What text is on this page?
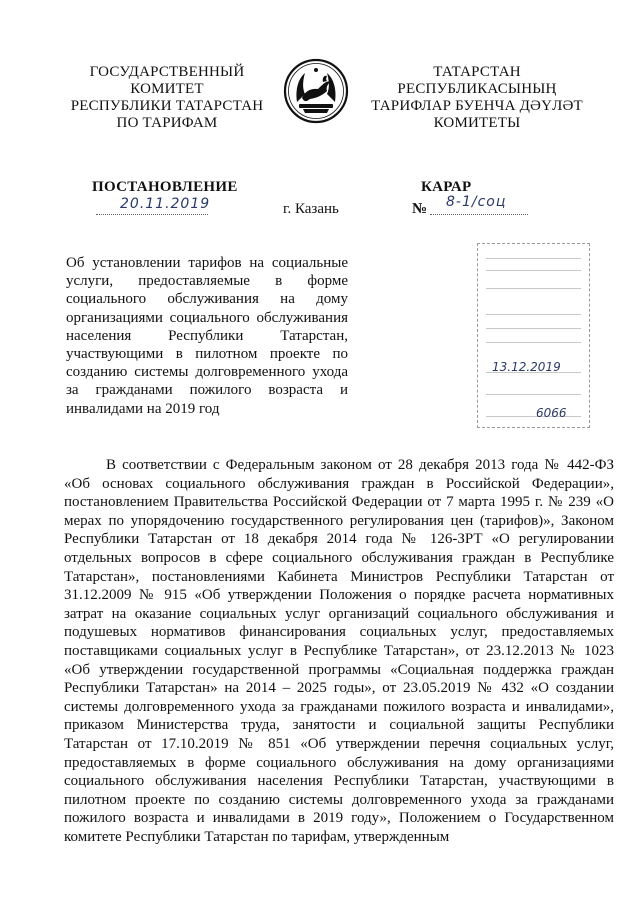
ГОСУДАРСТВЕННЫЙ
КОМИТЕТ
РЕСПУБЛИКИ ТАТАРСТАН
ПО ТАРИФАМ
ТАТАРСТАН
РЕСПУБЛИКАСЫНЫҢ
ТАРИФЛАР БУЕНЧА ДӘҮЛӘТ
КОМИТЕТЫ
ПОСТАНОВЛЕНИЕ	КАРАР
20.11.2019	г. Казань	№ 8-1/соц
Об установлении тарифов на социальные услуги, предоставляемые в форме социального обслуживания на дому организациями социального обслуживания населения Республики Татарстан, участвующими в пилотном проекте по созданию системы долговременного ухода за гражданами пожилого возраста и инвалидами на 2019 год
13.12.2019
6066

В соответствии с Федеральным законом от 28 декабря 2013 года № 442-ФЗ «Об основах социального обслуживания граждан в Российской Федерации», постановлением Правительства Российской Федерации от 7 марта 1995 г. № 239 «О мерах по упорядочению государственного регулирования цен (тарифов)», Законом Республики Татарстан от 18 декабря 2014 года № 126-ЗРТ «О регулировании отдельных вопросов в сфере социального обслуживания граждан в Республике Татарстан», постановлениями Кабинета Министров Республики Татарстан от 31.12.2009 № 915 «Об утверждении Положения о порядке расчета нормативных затрат на оказание социальных услуг организаций социального обслуживания и подушевых нормативов финансирования социальных услуг, предоставляемых поставщиками социальных услуг в Республике Татарстан», от 23.12.2013 № 1023 «Об утверждении государственной программы «Социальная поддержка граждан Республики Татарстан» на 2014 – 2025 годы», от 23.05.2019 № 432 «О создании системы долговременного ухода за гражданами пожилого возраста и инвалидами», приказом Министерства труда, занятости и социальной защиты Республики Татарстан от 17.10.2019 № 851 «Об утверждении перечня социальных услуг, предоставляемых в форме социального обслуживания на дому организациями социального обслуживания населения Республики Татарстан, участвующими в пилотном проекте по созданию системы долговременного ухода за гражданами пожилого возраста и инвалидами в 2019 году», Положением о Государственном комитете Республики Татарстан по тарифам, утвержденным
